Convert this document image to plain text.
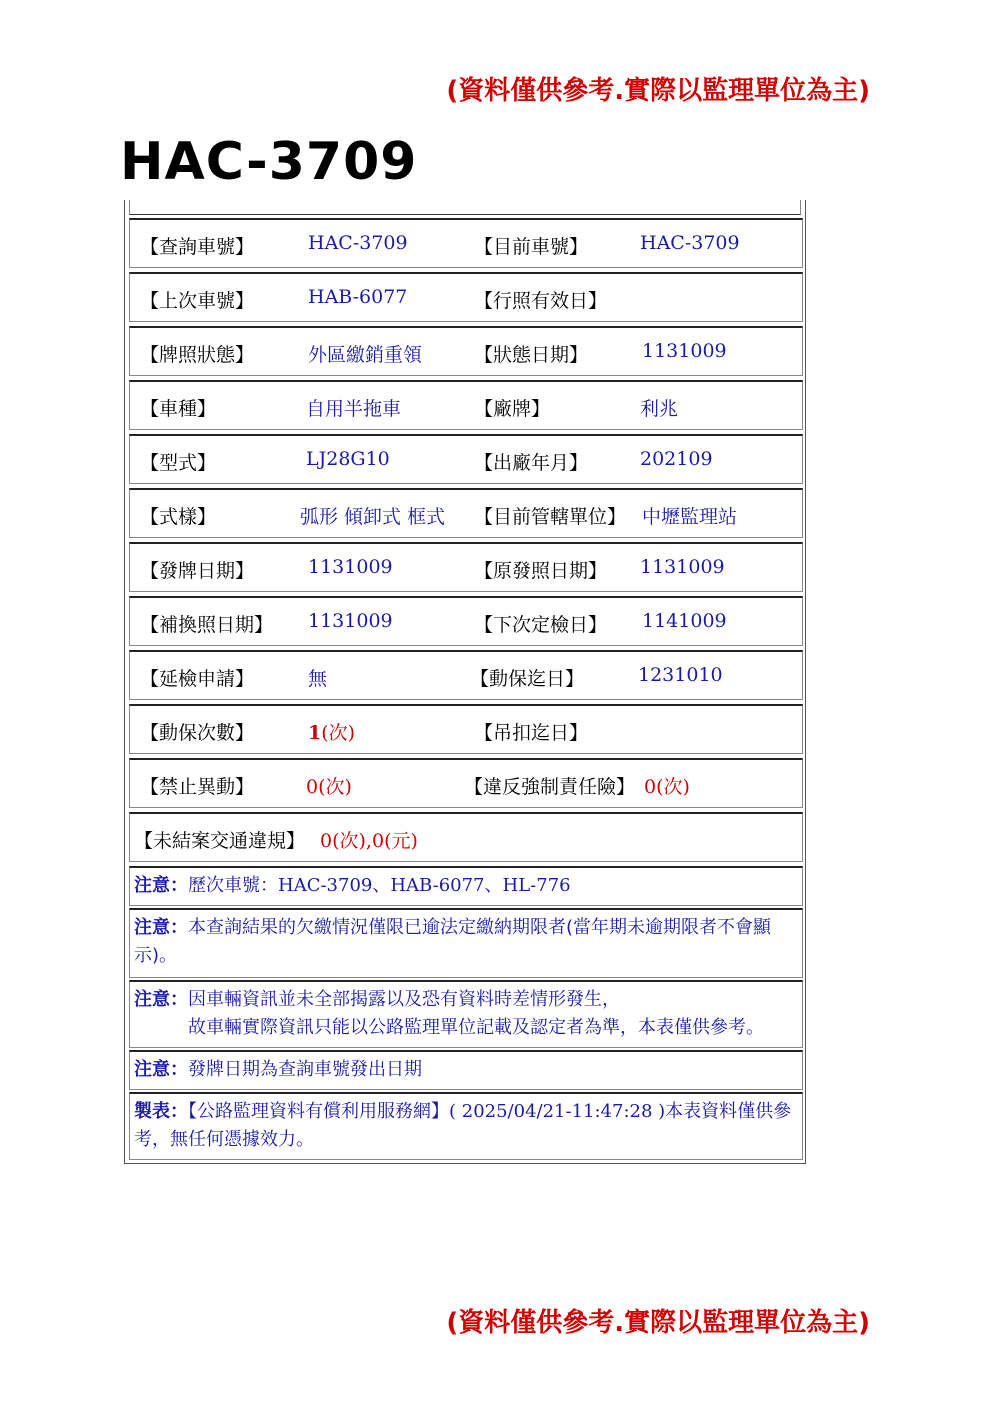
(資料僅供參考.實際以監理單位為主)
HAC-3709
【查詢車號】	HAC-3709	【目前車號】	HAC-3709
【上次車號】	HAB-6077	【行照有效日】
【牌照狀態】	外區繳銷重領	【狀態日期】	1131009
【車種】	自用半拖車	【廠牌】	利兆
【型式】	LJ28G10	【出廠年月】	202109
【式樣】	弧形 傾卸式 框式 【目前管轄單位】 中壢監理站
【發牌日期】	1131009	【原發照日期】 1131009
【補換照日期】 1131009	【下次定檢日】 1141009
【延檢申請】	無	【動保迄日】	1231010
【動保次數】	1(次)	【吊扣迄日】
【禁止異動】	0(次)	【違反強制責任險】 0(次)
【未結案交通違規】 0(次),0(元)
注意：歷次車號：HAC-3709、HAB-6077、HL-776
注意：本查詢結果的欠繳情況僅限已逾法定繳納期限者(當年期未逾期限者不會顯示)。
注意：因車輛資訊並未全部揭露以及恐有資料時差情形發生，
故車輛實際資訊只能以公路監理單位記載及認定者為準，本表僅供參考。
注意：發牌日期為查詢車號發出日期
製表：【公路監理資料有償利用服務網】( 2025/04/21-11:47:28 )本表資料僅供參考，無任何憑據效力。
(資料僅供參考.實際以監理單位為主)
